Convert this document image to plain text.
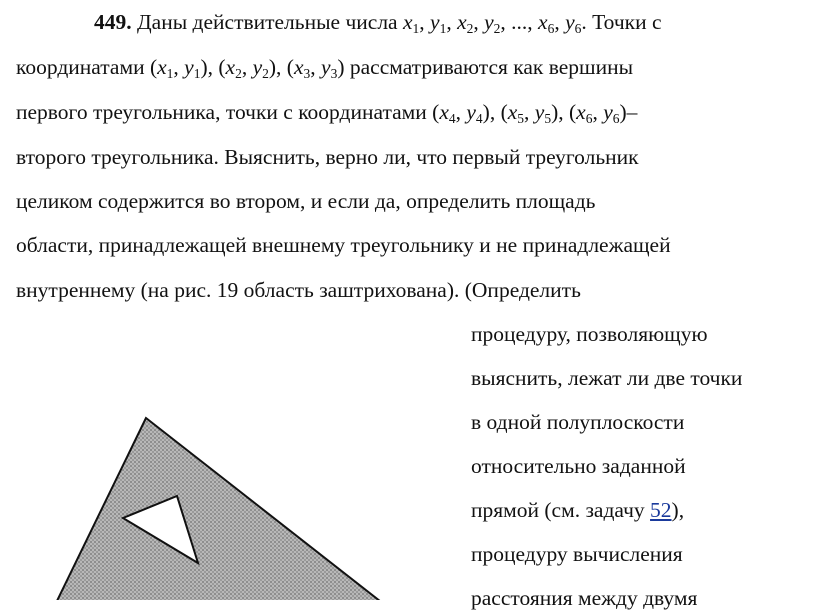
449. Даны действительные числа $x_1$, $y_1$, $x_2$, $y_2$, ..., $x_6$, $y_6$. Точки с
координатами ($x_1$, $y_1$), ($x_2$, $y_2$), ($x_3$, $y_3$) рассматриваются как вершины
первого треугольника, точки с координатами ($x_4$, $y_4$), ($x_5$, $y_5$), ($x_6$, $y_6)-$
второго треугольника. Выяснить, верно ли, что первый треугольник
целиком содержится во втором, и если да, определить площадь
области, принадлежащей внешнему треугольнику и не принадлежащей
внутреннему (на рис. 19 область заштрихована). (Определить
процедуру, позволяющую
выяснить, лежат ли две точки
в одной полуплоскости
относительно заданной
прямой (см. задачу 52),
процедуру вычисления
расстояния между двумя
